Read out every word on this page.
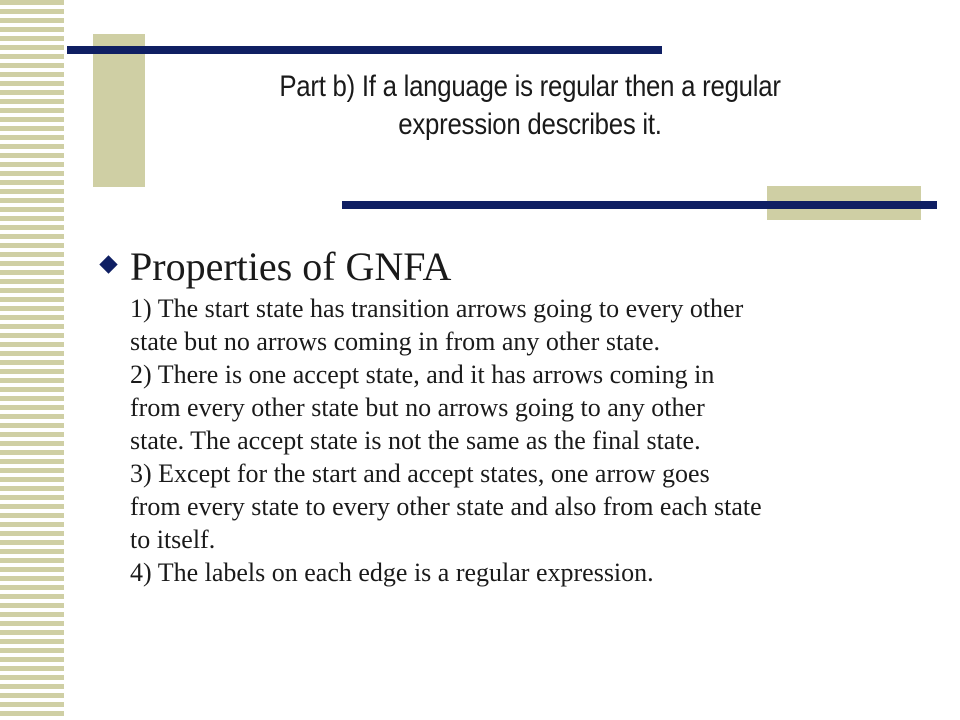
Part b) If a language is regular then a regular
expression describes it.
Properties of GNFA
1) The start state has transition arrows going to every other
state but no arrows coming in from any other state.
2) There is one accept state, and it has arrows coming in
from every other state but no arrows going to any other
state. The accept state is not the same as the final state.
3) Except for the start and accept states, one arrow goes
from every state to every other state and also from each state
to itself.
4) The labels on each edge is a regular expression.
